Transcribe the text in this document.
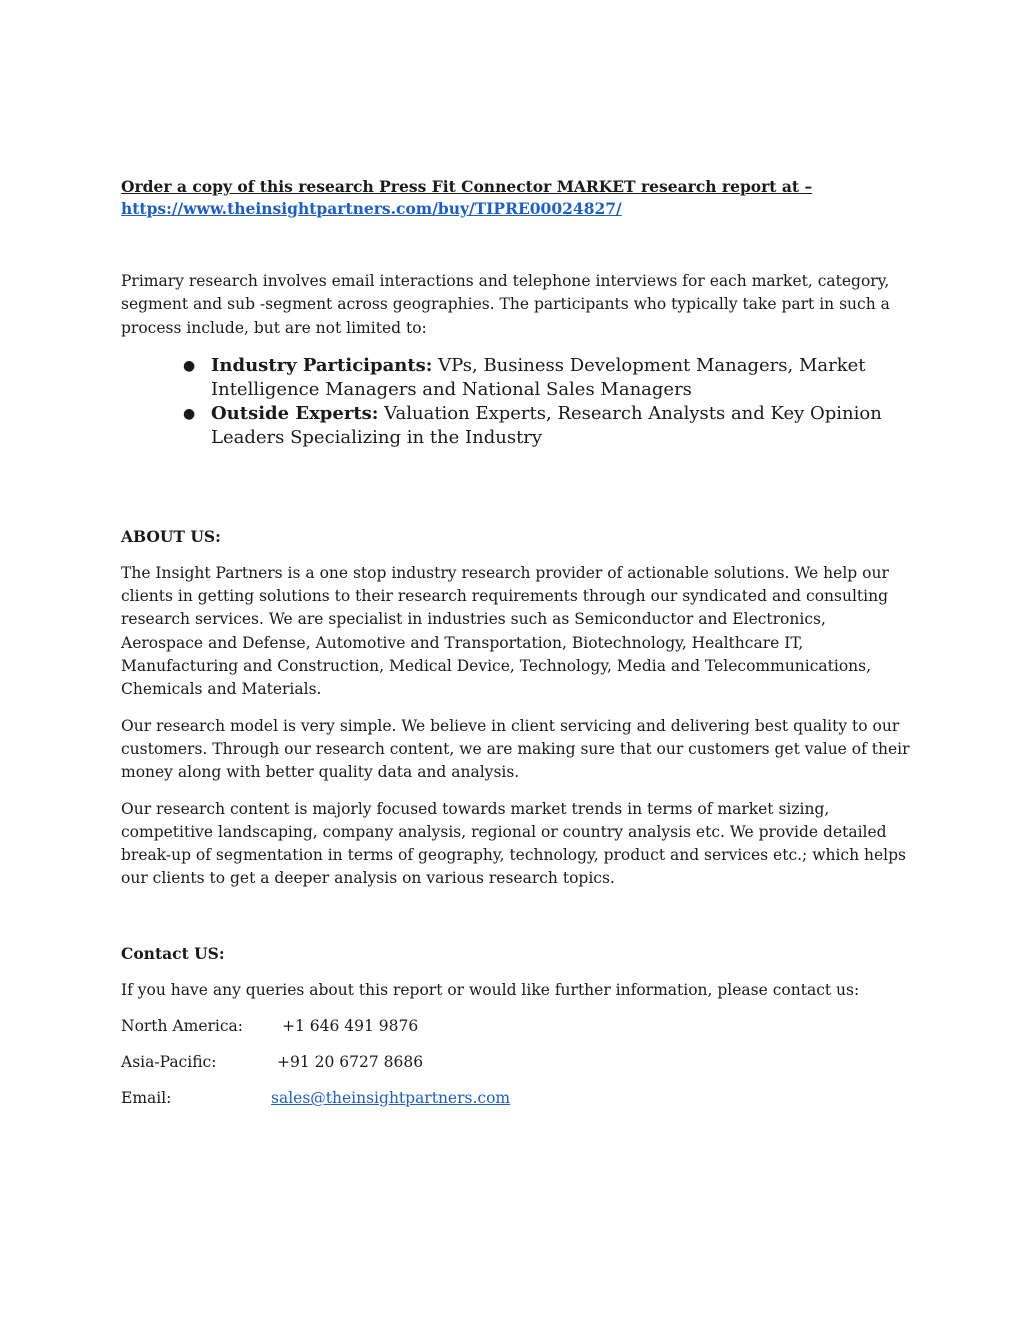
Order a copy of this research Press Fit Connector MARKET research report at –
https://www.theinsightpartners.com/buy/TIPRE00024827/

Primary research involves email interactions and telephone interviews for each market, category, segment and sub -segment across geographies. The participants who typically take part in such a process include, but are not limited to:

● Industry Participants: VPs, Business Development Managers, Market Intelligence Managers and National Sales Managers
● Outside Experts: Valuation Experts, Research Analysts and Key Opinion Leaders Specializing in the Industry
ABOUT US:

The Insight Partners is a one stop industry research provider of actionable solutions. We help our clients in getting solutions to their research requirements through our syndicated and consulting research services. We are specialist in industries such as Semiconductor and Electronics, Aerospace and Defense, Automotive and Transportation, Biotechnology, Healthcare IT, Manufacturing and Construction, Medical Device, Technology, Media and Telecommunications, Chemicals and Materials.

Our research model is very simple. We believe in client servicing and delivering best quality to our customers. Through our research content, we are making sure that our customers get value of their money along with better quality data and analysis.

Our research content is majorly focused towards market trends in terms of market sizing, competitive landscaping, company analysis, regional or country analysis etc. We provide detailed break-up of segmentation in terms of geography, technology, product and services etc.; which helps our clients to get a deeper analysis on various research topics.

Contact US:

If you have any queries about this report or would like further information, please contact us:

North America:	+1 646 491 9876
Asia-Pacific:	+91 20 6727 8686
Email:	sales@theinsightpartners.com
